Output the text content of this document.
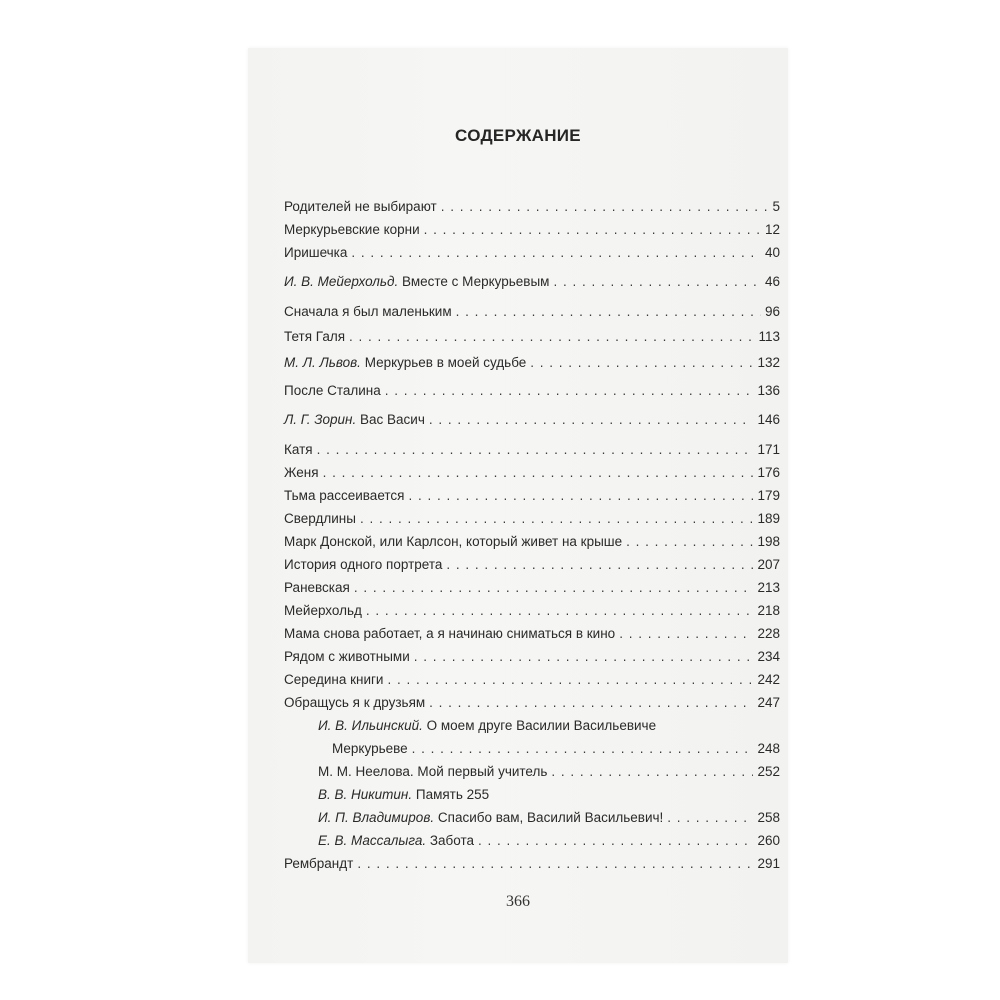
СОДЕРЖАНИЕ
Родителей не выбирают . . .	5
Меркурьевские корни . . .	12
Иришечка . . .	40
И. В. Мейерхольд. Вместе с Меркурьевым . . .	46
Сначала я был маленьким . . .	96
Тетя Галя . . .	113
М. Л. Львов. Меркурьев в моей судьбе . . .	132
После Сталина . . .	136
Л. Г. Зорин. Вас Васич . . .	146
Катя . . .	171
Женя . . .	176
Тьма рассеивается . . .	179
Свердлины . . .	189
Марк Донской, или Карлсон, который живет на крыше . . .	198
История одного портрета . . .	207
Раневская . . .	213
Мейерхольд . . .	218
Мама снова работает, а я начинаю сниматься в кино . . .	228
Рядом с животными . . .	234
Середина книги . . .	242
Обращусь я к друзьям . . .	247
И. В. Ильинский. О моем друге Василии Васильевиче
Меркурьеве . . .	248
М. М. Неелова. Мой первый учитель . . .	252
В. В. Никитин. Память 255
И. П. Владимиров. Спасибо вам, Василий Васильевич! . . .	258
Е. В. Массалыга. Забота . . .	260
Рембрандт . . .	291
366
